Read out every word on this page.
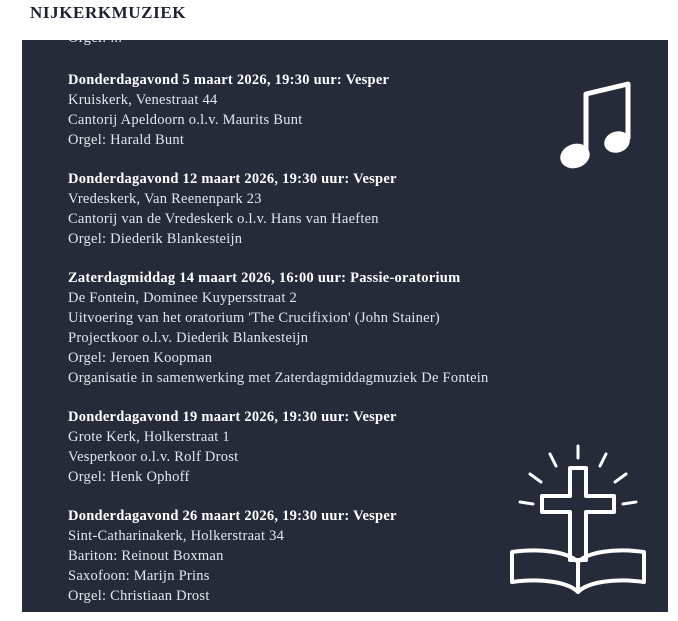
NIJKERKMUZIEK
Donderdagavond 5 maart 2026, 19:30 uur: Vesper
Kruiskerk, Venestraat 44
Cantorij Apeldoorn o.l.v. Maurits Bunt
Orgel: Harald Bunt
Donderdagavond 12 maart 2026, 19:30 uur: Vesper
Vredeskerk, Van Reenenpark 23
Cantorij van de Vredeskerk o.l.v. Hans van Haeften
Orgel: Diederik Blankesteijn
Zaterdagmiddag 14 maart 2026, 16:00 uur: Passie-oratorium
De Fontein, Dominee Kuypersstraat 2
Uitvoering van het oratorium 'The Crucifixion' (John Stainer)
Projectkoor o.l.v. Diederik Blankesteijn
Orgel: Jeroen Koopman
Organisatie in samenwerking met Zaterdagmiddagmuziek De Fontein
Donderdagavond 19 maart 2026, 19:30 uur: Vesper
Grote Kerk, Holkerstraat 1
Vesperkoor o.l.v. Rolf Drost
Orgel: Henk Ophoff
Donderdagavond 26 maart 2026, 19:30 uur: Vesper
Sint-Catharinakerk, Holkerstraat 34
Bariton: Reinout Boxman
Saxofoon: Marijn Prins
Orgel: Christiaan Drost
